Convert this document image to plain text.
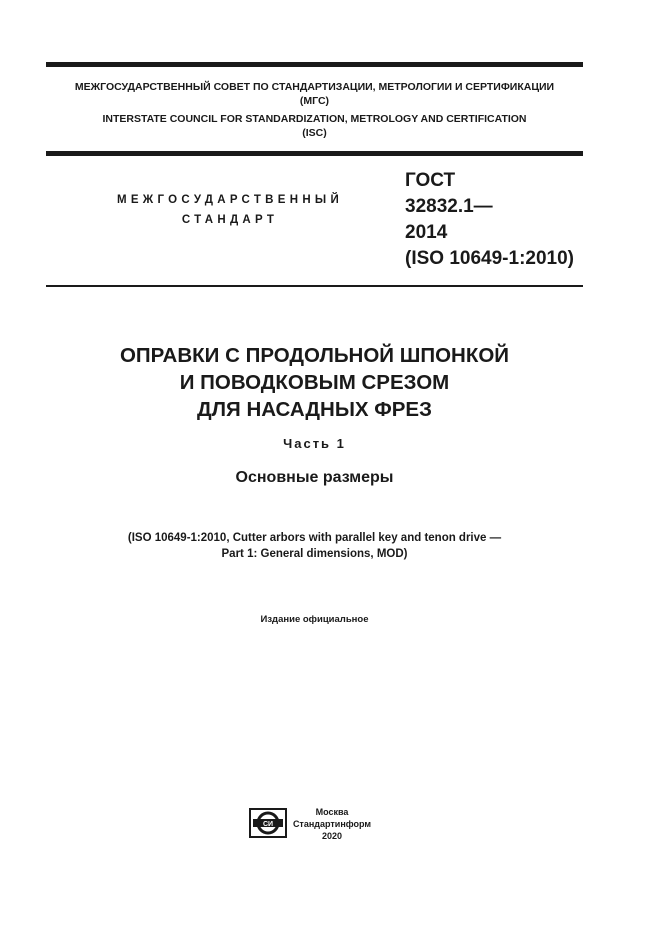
МЕЖГОСУДАРСТВЕННЫЙ СОВЕТ ПО СТАНДАРТИЗАЦИИ, МЕТРОЛОГИИ И СЕРТИФИКАЦИИ
(МГС)
INTERSTATE COUNCIL FOR STANDARDIZATION, METROLOGY AND CERTIFICATION
(ISC)
МЕЖГОСУДАРСТВЕННЫЙ
СТАНДАРТ
ГОСТ
32832.1—
2014
(ISO 10649-1:2010)
ОПРАВКИ С ПРОДОЛЬНОЙ ШПОНКОЙ
И ПОВОДКОВЫМ СРЕЗОМ
ДЛЯ НАСАДНЫХ ФРЕЗ
Часть 1
Основные размеры
(ISO 10649-1:2010, Cutter arbors with parallel key and tenon drive —
Part 1: General dimensions, MOD)
Издание официальное
СИ
Москва
Стандартинформ
2020
